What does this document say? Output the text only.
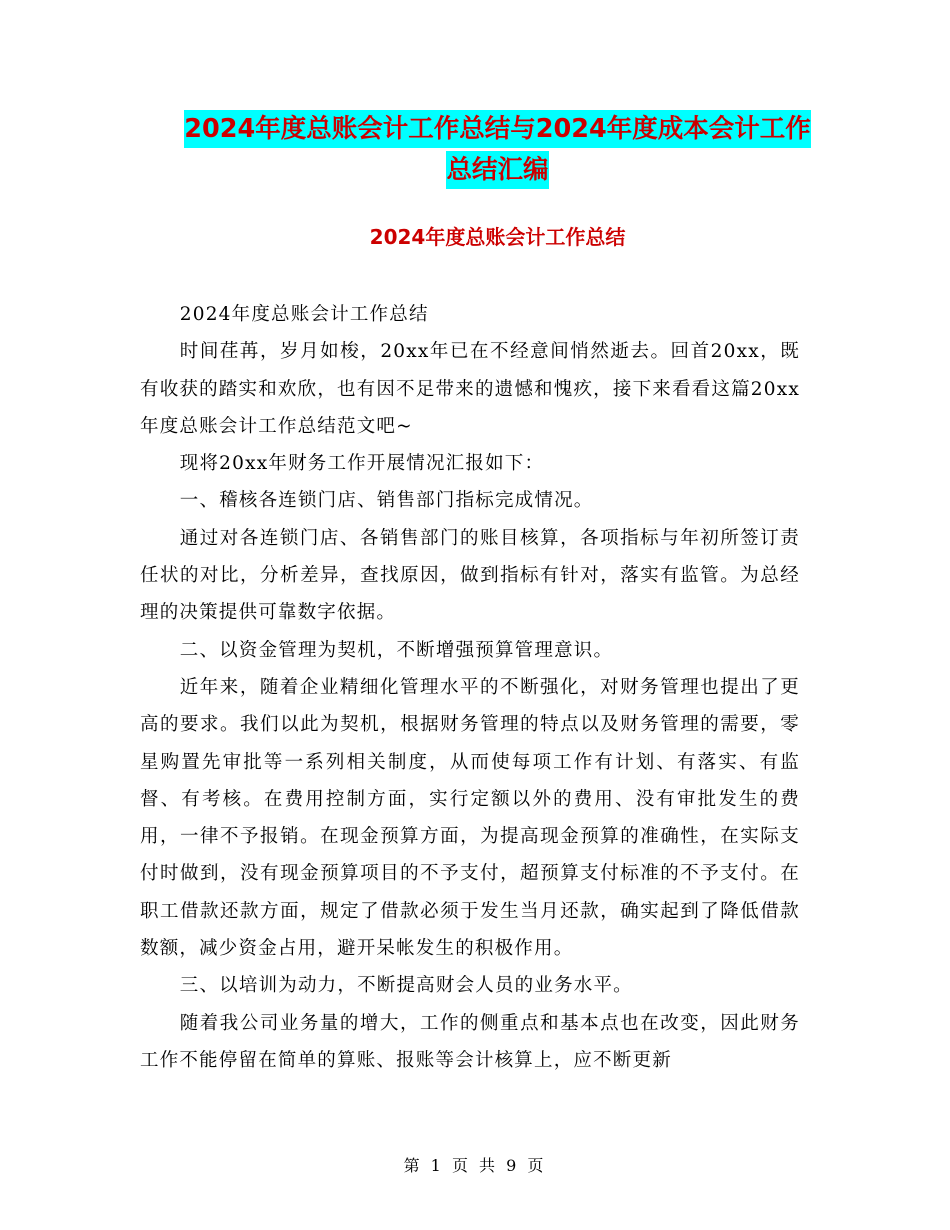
2024年度总账会计工作总结与2024年度成本会计工作
总结汇编
2024年度总账会计工作总结

2024年度总账会计工作总结

时间荏苒，岁月如梭，20xx年已在不经意间悄然逝去。回首20xx，既有收获的踏实和欢欣，也有因不足带来的遗憾和愧疚，接下来看看这篇20xx年度总账会计工作总结范文吧~

现将20xx年财务工作开展情况汇报如下：

一、稽核各连锁门店、销售部门指标完成情况。

通过对各连锁门店、各销售部门的账目核算，各项指标与年初所签订责任状的对比，分析差异，查找原因，做到指标有针对，落实有监管。为总经理的决策提供可靠数字依据。

二、以资金管理为契机，不断增强预算管理意识。

近年来，随着企业精细化管理水平的不断强化，对财务管理也提出了更高的要求。我们以此为契机，根据财务管理的特点以及财务管理的需要，零星购置先审批等一系列相关制度，从而使每项工作有计划、有落实、有监督、有考核。在费用控制方面，实行定额以外的费用、没有审批发生的费用，一律不予报销。在现金预算方面，为提高现金预算的准确性，在实际支付时做到，没有现金预算项目的不予支付，超预算支付标准的不予支付。在职工借款还款方面，规定了借款必须于发生当月还款，确实起到了降低借款数额，减少资金占用，避开呆帐发生的积极作用。

三、以培训为动力，不断提高财会人员的业务水平。

随着我公司业务量的增大，工作的侧重点和基本点也在改变，因此财务工作不能停留在简单的算账、报账等会计核算上，应不断更新

第 1 页 共 9 页
